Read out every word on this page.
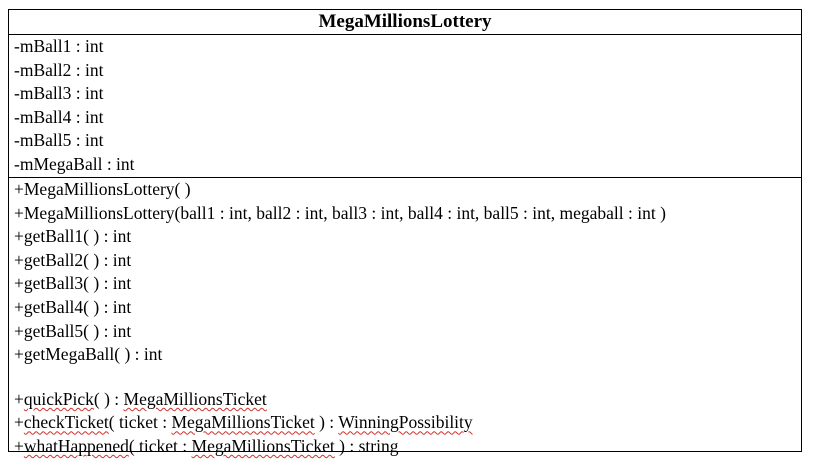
MegaMillionsLottery
-mBall1 : int
-mBall2 : int
-mBall3 : int
-mBall4 : int
-mBall5 : int
-mMegaBall : int
+MegaMillionsLottery( )
+MegaMillionsLottery(ball1 : int, ball2 : int, ball3 : int, ball4 : int, ball5 : int, megaball : int )
+getBall1( ) : int
+getBall2( ) : int
+getBall3( ) : int
+getBall4( ) : int
+getBall5( ) : int
+getMegaBall( ) : int
+quickPick( ) : MegaMillionsTicket
+checkTicket( ticket : MegaMillionsTicket ) : WinningPossibility
+whatHappened( ticket : MegaMillionsTicket ) : string
